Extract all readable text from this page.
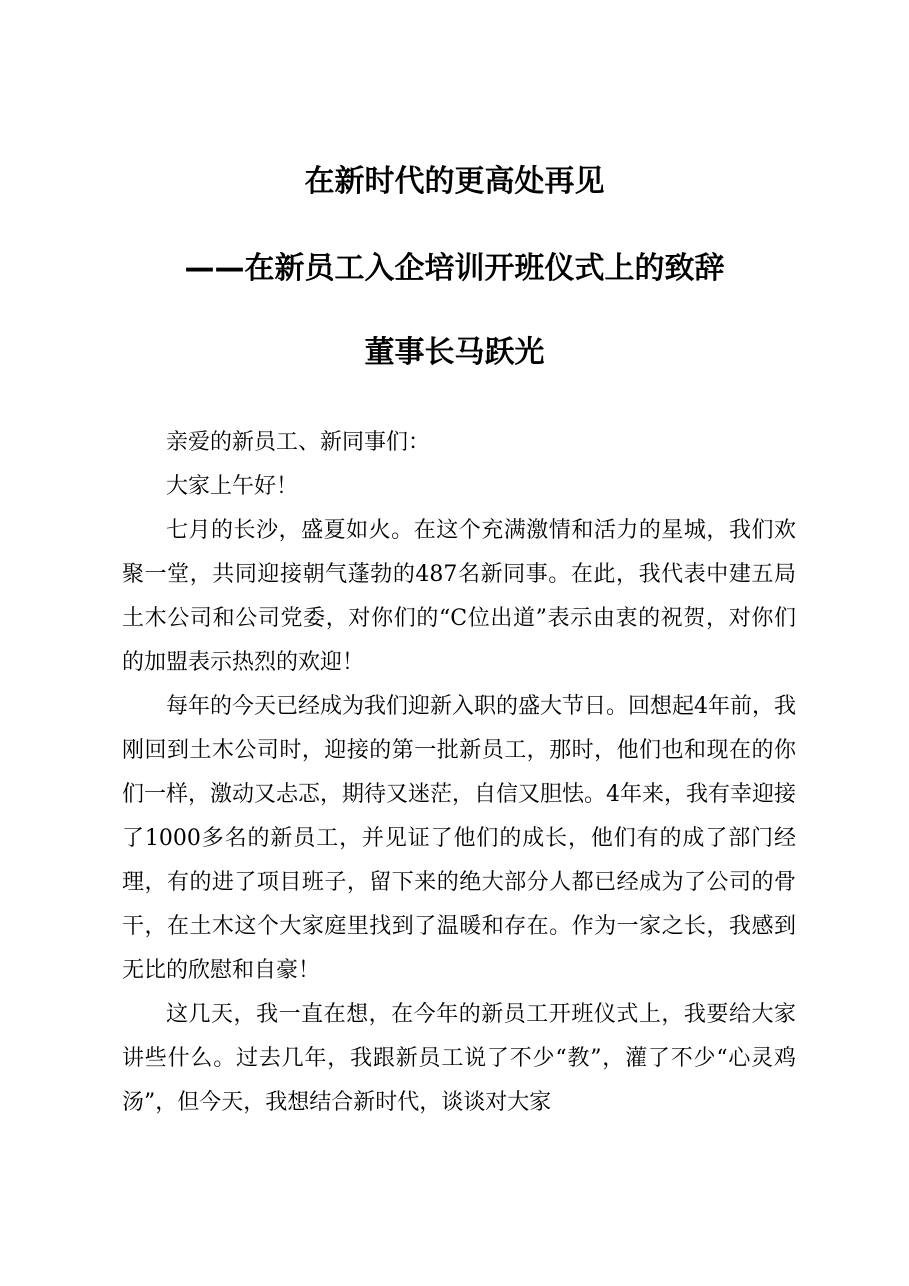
在新时代的更高处再见
——在新员工入企培训开班仪式上的致辞
董事长马跃光

亲爱的新员工、新同事们：

大家上午好！

七月的长沙，盛夏如火。在这个充满激情和活力的星城，我们欢聚一堂，共同迎接朝气蓬勃的487名新同事。在此，我代表中建五局土木公司和公司党委，对你们的“C位出道”表示由衷的祝贺，对你们的加盟表示热烈的欢迎！

每年的今天已经成为我们迎新入职的盛大节日。回想起4年前，我刚回到土木公司时，迎接的第一批新员工，那时，他们也和现在的你们一样，激动又忐忑，期待又迷茫，自信又胆怯。4年来，我有幸迎接了1000多名的新员工，并见证了他们的成长，他们有的成了部门经理，有的进了项目班子，留下来的绝大部分人都已经成为了公司的骨干，在土木这个大家庭里找到了温暖和存在。作为一家之长，我感到无比的欣慰和自豪！

这几天，我一直在想，在今年的新员工开班仪式上，我要给大家讲些什么。过去几年，我跟新员工说了不少“教”，灌了不少“心灵鸡汤”，但今天，我想结合新时代，谈谈对大家
